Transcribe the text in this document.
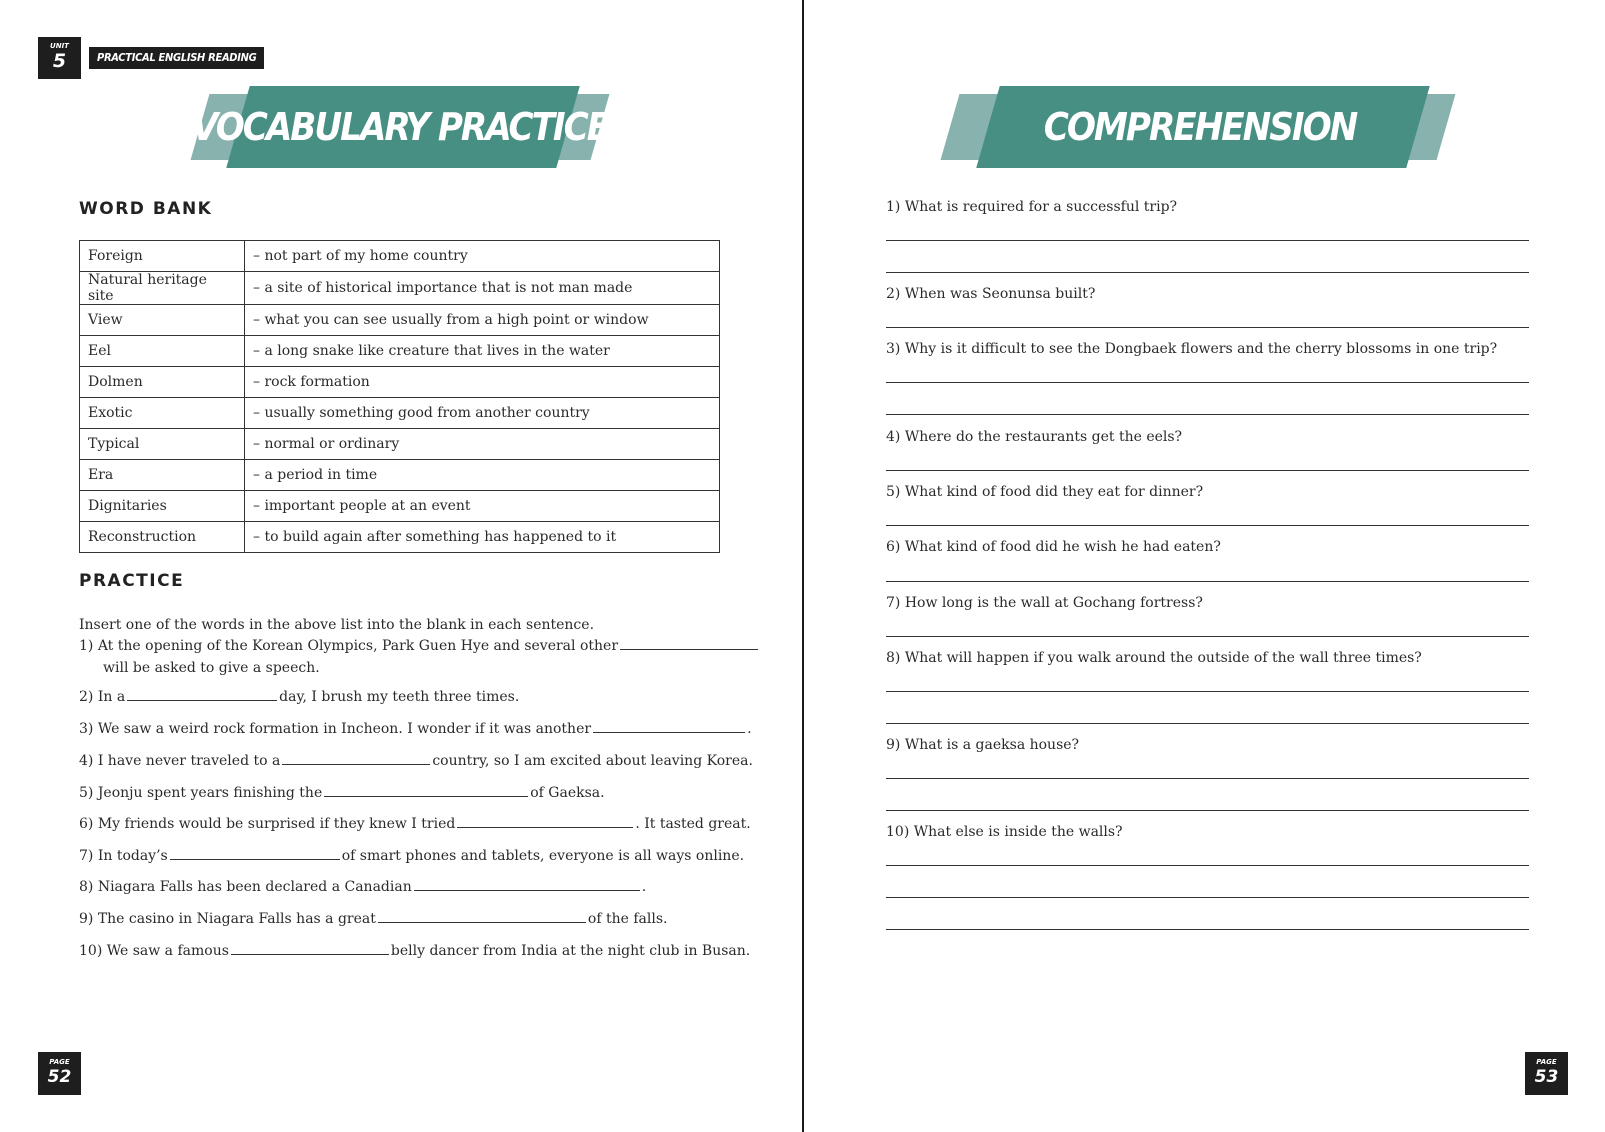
UNIT
5	PRACTICAL ENGLISH READING
VOCABULARY PRACTICE
WORD BANK
Foreign	– not part of my home country
Natural heritage site	– a site of historical importance that is not man made
View	– what you can see usually from a high point or window
Eel	– a long snake like creature that lives in the water
Dolmen	– rock formation
Exotic	– usually something good from another country
Typical	– normal or ordinary
Era	– a period in time
Dignitaries	– important people at an event
Reconstruction	– to build again after something has happened to it
PRACTICE
Insert one of the words in the above list into the blank in each sentence.
1) At the opening of the Korean Olympics, Park Guen Hye and several other
will be asked to give a speech.
2) In a	day, I brush my teeth three times.
3) We saw a weird rock formation in Incheon. I wonder if it was another	.
4) I have never traveled to a	country, so I am excited about leaving Korea.
5) Jeonju spent years finishing the	of Gaeksa.
6) My friends would be surprised if they knew I tried	. It tasted great.
7) In today’s	of smart phones and tablets, everyone is all ways online.
8) Niagara Falls has been declared a Canadian	.
9) The casino in Niagara Falls has a great	of the falls.
10) We saw a famous	belly dancer from India at the night club in Busan.
COMPREHENSION QUESTIONS
1) What is required for a successful trip?
2) When was Seonunsa built?
3) Why is it difficult to see the Dongbaek flowers and the cherry blossoms in one trip?
4) Where do the restaurants get the eels?
5) What kind of food did they eat for dinner?
6) What kind of food did he wish he had eaten?
7) How long is the wall at Gochang fortress?
8) What will happen if you walk around the outside of the wall three times?
9) What is a gaeksa house?
10) What else is inside the walls?
PAGE
52
PAGE
53
